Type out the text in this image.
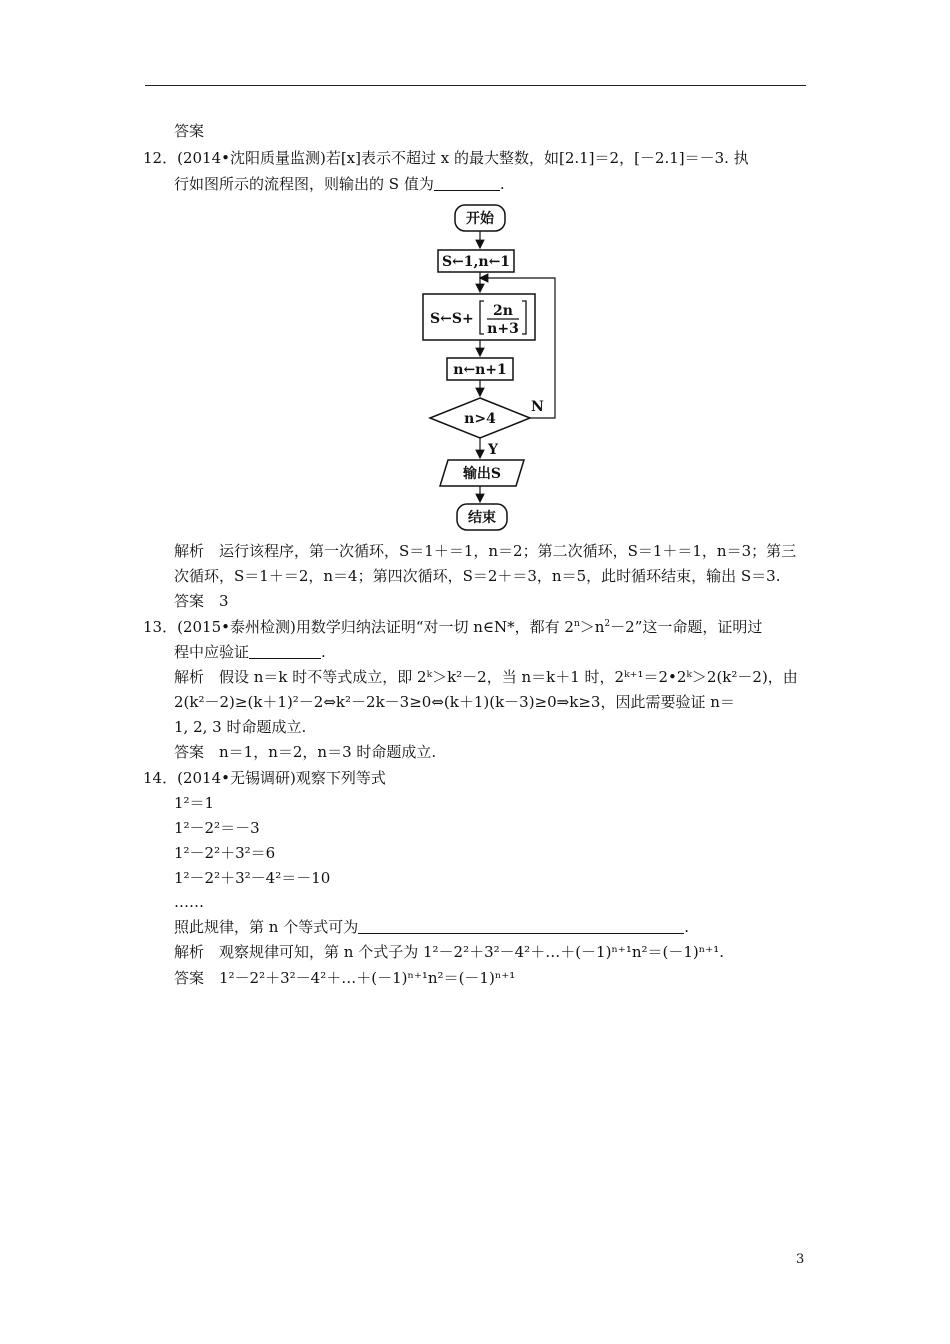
答案
12．(2014•沈阳质量监测)若[x]表示不超过 x 的最大整数，如[2.1]＝2，[－2.1]＝－3. 执
行如图所示的流程图，则输出的 S 值为	.
开始
S←1,n←1
S←S+ 2n
n+3
n←n+1
n>4
N
Y
输出S
结束
解析　运行该程序，第一次循环，S＝1＋＝1，n＝2；第二次循环，S＝1＋＝1，n＝3；第三
次循环，S＝1＋＝2，n＝4；第四次循环，S＝2＋＝3，n＝5，此时循环结束，输出 S＝3.
答案　3
13．(2015•泰州检测)用数学归纳法证明“对一切 n∈N*，都有 $2^n>n^2-2$”这一命题，证明过
程中应验证	.
解析　假设 n＝k 时不等式成立，即 2ᵏ＞k²－2，当 n＝k＋1 时，2ᵏ⁺¹＝2•2ᵏ＞2(k²－2)，由
2(k²－2)≥(k＋1)²－2⇔k²－2k－3≥0⇔(k＋1)(k－3)≥0⇒k≥3，因此需要验证 n＝
1, 2, 3 时命题成立.
答案　n＝1，n＝2，n＝3 时命题成立.
14．(2014•无锡调研)观察下列等式
1²＝1
1²－2²＝－3
1²－2²＋3²＝6
1²－2²＋3²－4²＝－10
……
照此规律，第 n 个等式可为	.
解析　观察规律可知，第 n 个式子为 1²－2²＋3²－4²＋…＋(－1)ⁿ⁺¹n²＝(－1)ⁿ⁺¹.
答案　1²－2²＋3²－4²＋…＋(－1)ⁿ⁺¹n²＝(－1)ⁿ⁺¹
3
